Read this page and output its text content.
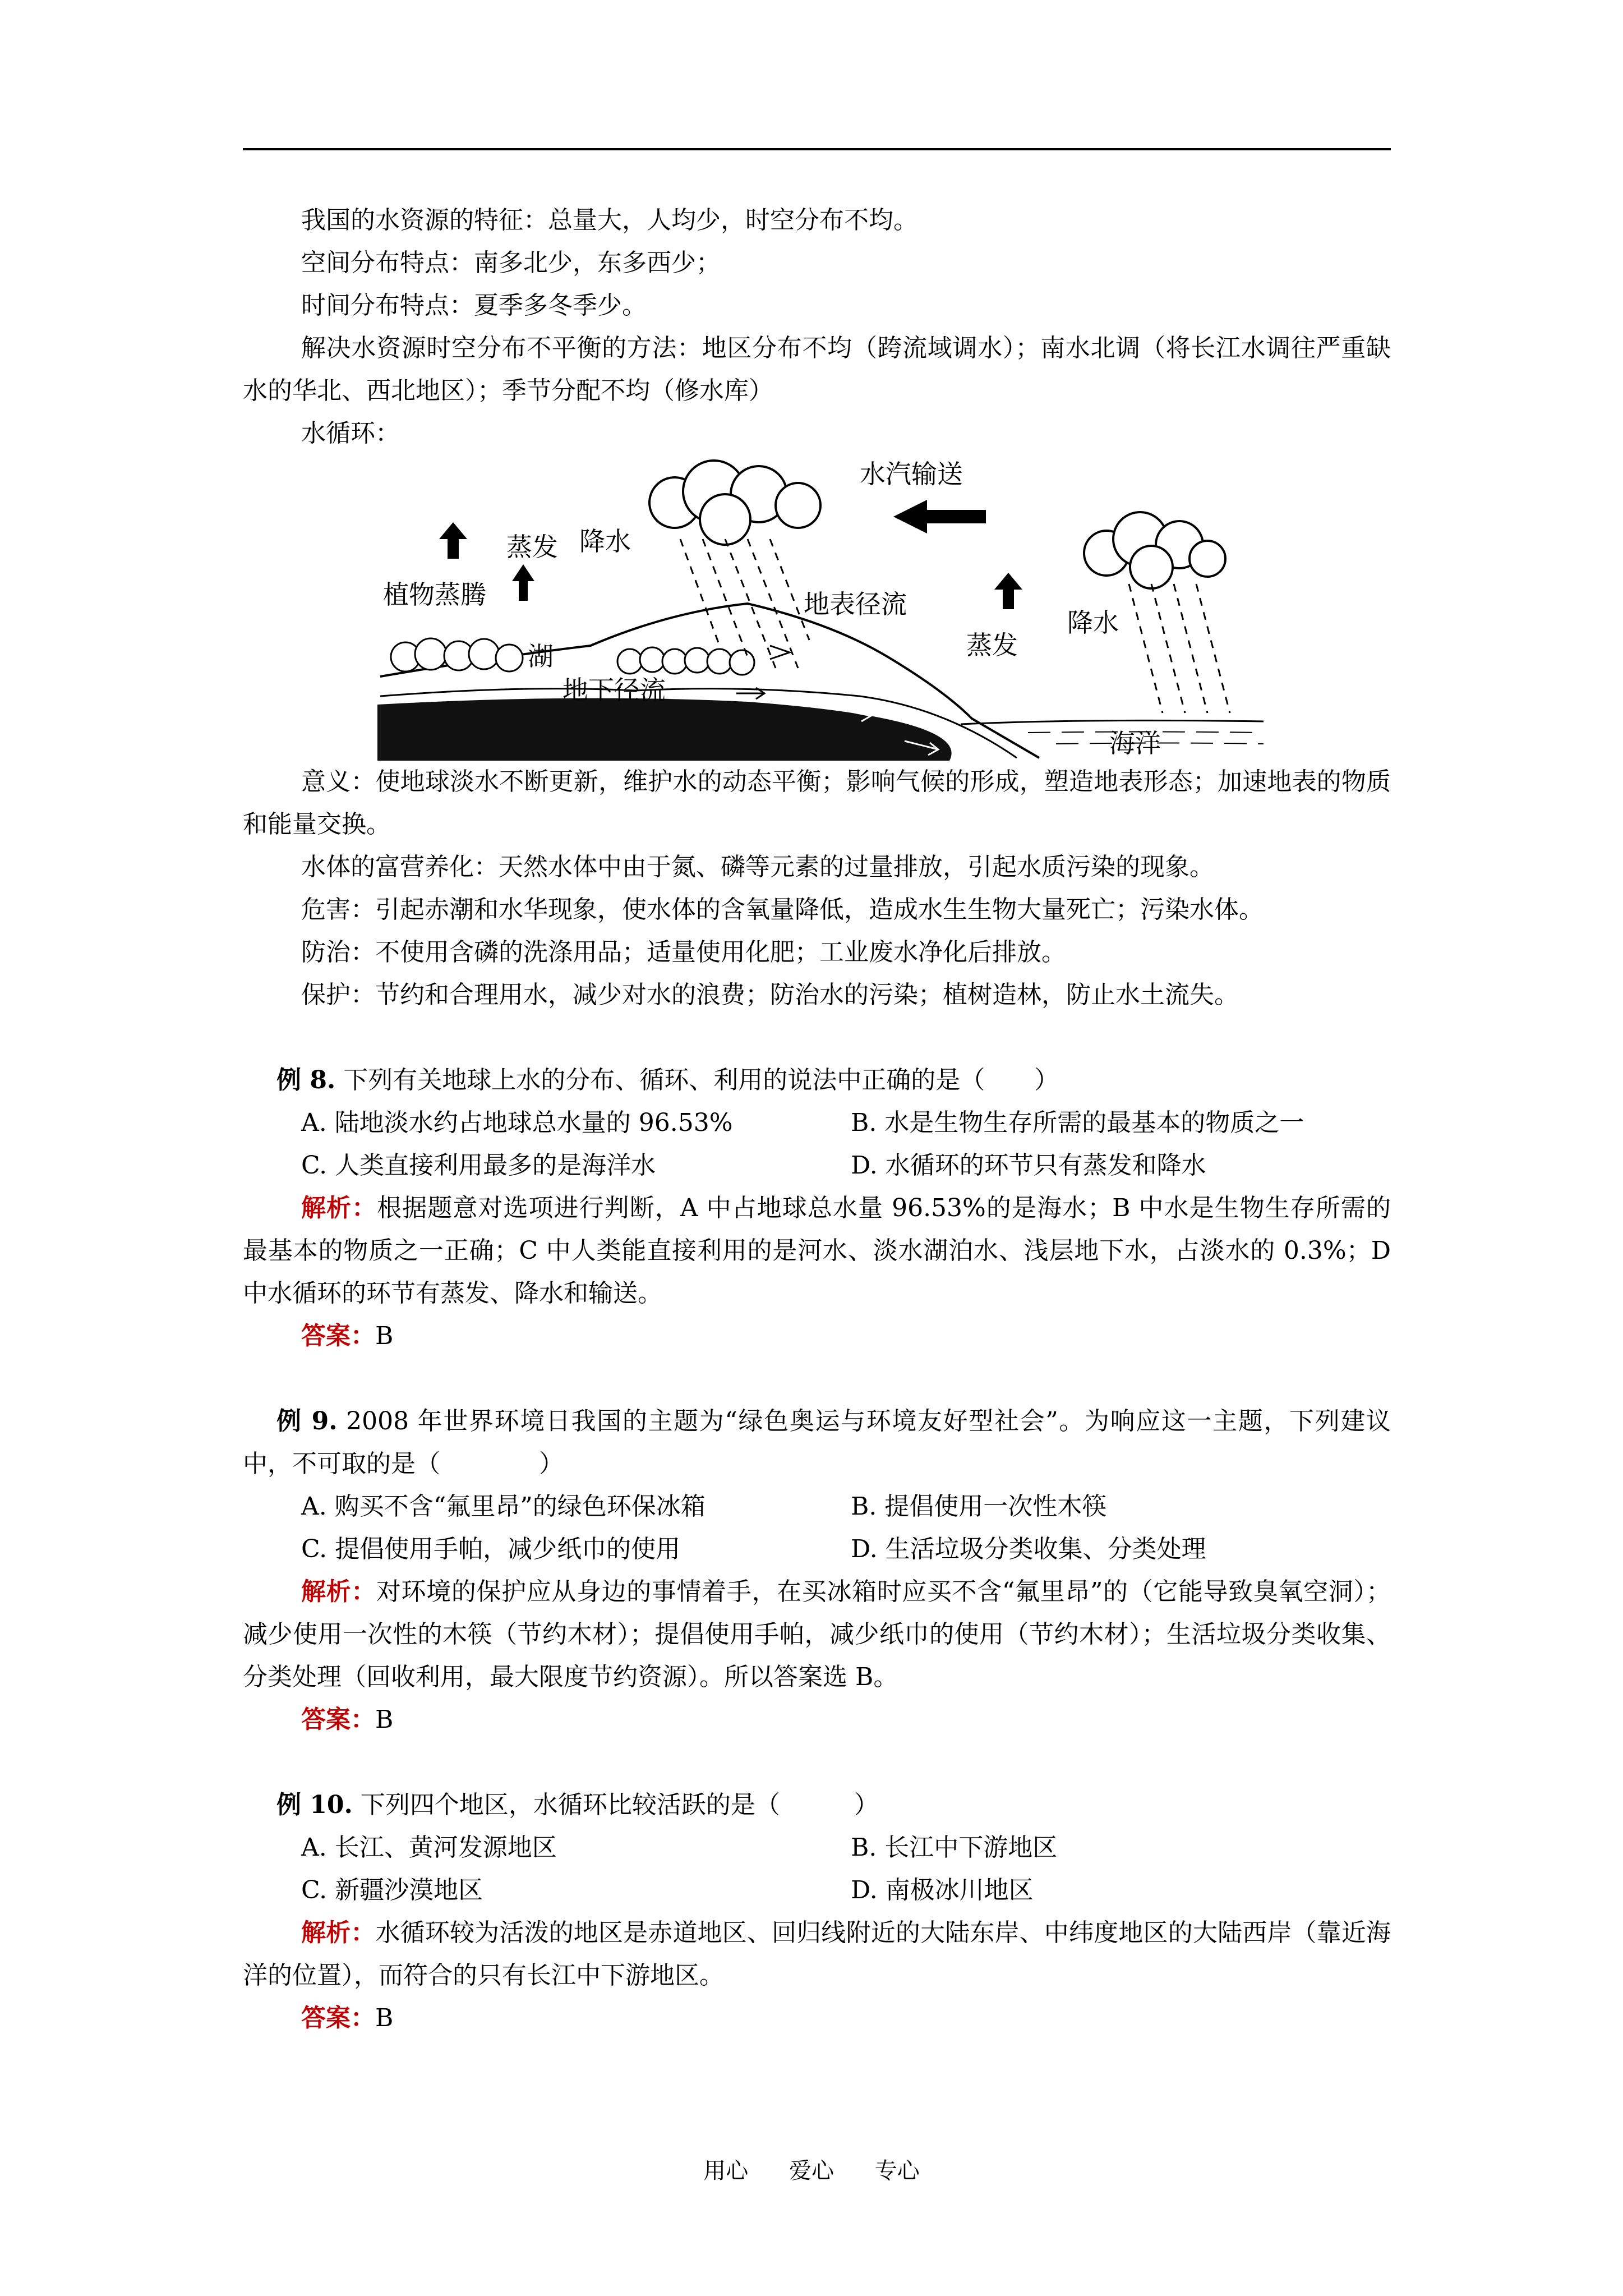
我国的水资源的特征：总量大，人均少，时空分布不均。

空间分布特点：南多北少，东多西少；

时间分布特点：夏季多冬季少。

解决水资源时空分布不平衡的方法：地区分布不均（跨流域调水）；南水北调（将长江水调往严重缺水的华北、西北地区）；季节分配不均（修水库）

水循环：

水汽输送
蒸发 降水
植物蒸腾	地表径流
湖
地下径流
蒸发
降水
海洋

意义：使地球淡水不断更新，维护水的动态平衡；影响气候的形成，塑造地表形态；加速地表的物质和能量交换。

水体的富营养化：天然水体中由于氮、磷等元素的过量排放，引起水质污染的现象。

危害：引起赤潮和水华现象，使水体的含氧量降低，造成水生生物大量死亡；污染水体。

防治：不使用含磷的洗涤用品；适量使用化肥；工业废水净化后排放。

保护：节约和合理用水，减少对水的浪费；防治水的污染；植树造林，防止水土流失。

例 8. 下列有关地球上水的分布、循环、利用的说法中正确的是（　　）

A. 陆地淡水约占地球总水量的 96.53%	B. 水是生物生存所需的最基本的物质之一
C. 人类直接利用最多的是海洋水	D. 水循环的环节只有蒸发和降水

解析：根据题意对选项进行判断，A 中占地球总水量 96.53%的是海水；B 中水是生物生存所需的最基本的物质之一正确；C 中人类能直接利用的是河水、淡水湖泊水、浅层地下水，占淡水的 0.3%；D 中水循环的环节有蒸发、降水和输送。

答案：B

例 9. 2008 年世界环境日我国的主题为“绿色奥运与环境友好型社会”。为响应这一主题，下列建议中，不可取的是（　　　　）

A. 购买不含“氟里昂”的绿色环保冰箱	B. 提倡使用一次性木筷
C. 提倡使用手帕，减少纸巾的使用	D. 生活垃圾分类收集、分类处理

解析：对环境的保护应从身边的事情着手，在买冰箱时应买不含“氟里昂”的（它能导致臭氧空洞）；减少使用一次性的木筷（节约木材）；提倡使用手帕，减少纸巾的使用（节约木材）；生活垃圾分类收集、分类处理（回收利用，最大限度节约资源）。所以答案选 B。

答案：B

例 10. 下列四个地区，水循环比较活跃的是（　　　）

A. 长江、黄河发源地区	B. 长江中下游地区
C. 新疆沙漠地区	D. 南极冰川地区

解析：水循环较为活泼的地区是赤道地区、回归线附近的大陆东岸、中纬度地区的大陆西岸（靠近海洋的位置），而符合的只有长江中下游地区。

答案：B

用心 爱心 专心
